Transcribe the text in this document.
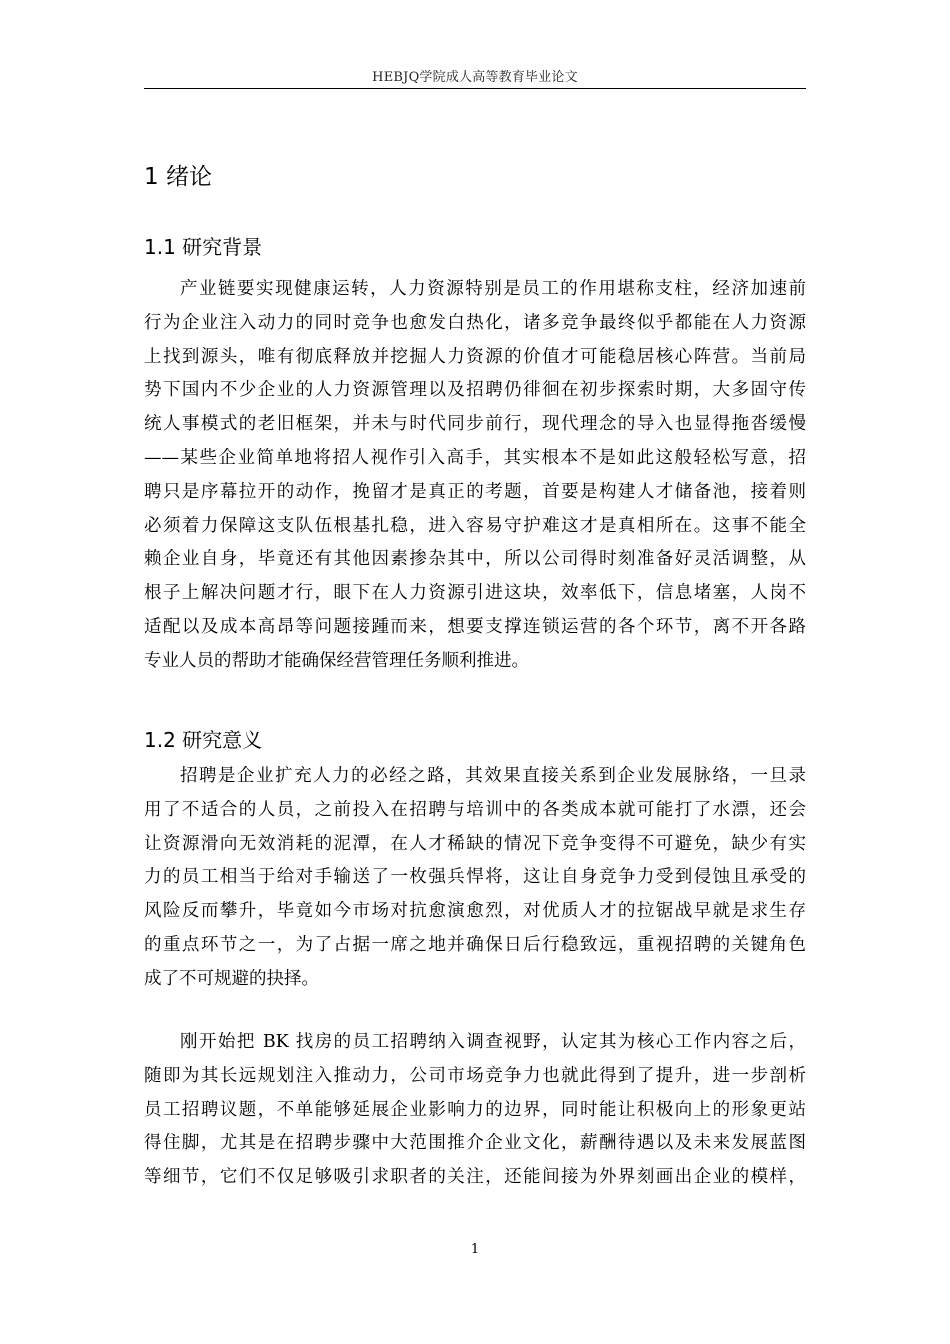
HEBJQ学院成人高等教育毕业论文
1 绪论
1.1 研究背景
产业链要实现健康运转，人力资源特别是员工的作用堪称支柱，经济加速前
行为企业注入动力的同时竞争也愈发白热化，诸多竞争最终似乎都能在人力资源
上找到源头，唯有彻底释放并挖掘人力资源的价值才可能稳居核心阵营。当前局
势下国内不少企业的人力资源管理以及招聘仍徘徊在初步探索时期，大多固守传
统人事模式的老旧框架，并未与时代同步前行，现代理念的导入也显得拖沓缓慢
——某些企业简单地将招人视作引入高手，其实根本不是如此这般轻松写意，招
聘只是序幕拉开的动作，挽留才是真正的考题，首要是构建人才储备池，接着则
必须着力保障这支队伍根基扎稳，进入容易守护难这才是真相所在。这事不能全
赖企业自身，毕竟还有其他因素掺杂其中，所以公司得时刻准备好灵活调整，从
根子上解决问题才行，眼下在人力资源引进这块，效率低下，信息堵塞，人岗不
适配以及成本高昂等问题接踵而来，想要支撑连锁运营的各个环节，离不开各路
专业人员的帮助才能确保经营管理任务顺利推进。
1.2 研究意义
招聘是企业扩充人力的必经之路，其效果直接关系到企业发展脉络，一旦录
用了不适合的人员，之前投入在招聘与培训中的各类成本就可能打了水漂，还会
让资源滑向无效消耗的泥潭，在人才稀缺的情况下竞争变得不可避免，缺少有实
力的员工相当于给对手输送了一枚强兵悍将，这让自身竞争力受到侵蚀且承受的
风险反而攀升，毕竟如今市场对抗愈演愈烈，对优质人才的拉锯战早就是求生存
的重点环节之一，为了占据一席之地并确保日后行稳致远，重视招聘的关键角色
成了不可规避的抉择。
刚开始把 BK 找房的员工招聘纳入调查视野，认定其为核心工作内容之后，
随即为其长远规划注入推动力，公司市场竞争力也就此得到了提升，进一步剖析
员工招聘议题，不单能够延展企业影响力的边界，同时能让积极向上的形象更站
得住脚，尤其是在招聘步骤中大范围推介企业文化，薪酬待遇以及未来发展蓝图
等细节，它们不仅足够吸引求职者的关注，还能间接为外界刻画出企业的模样，
1
